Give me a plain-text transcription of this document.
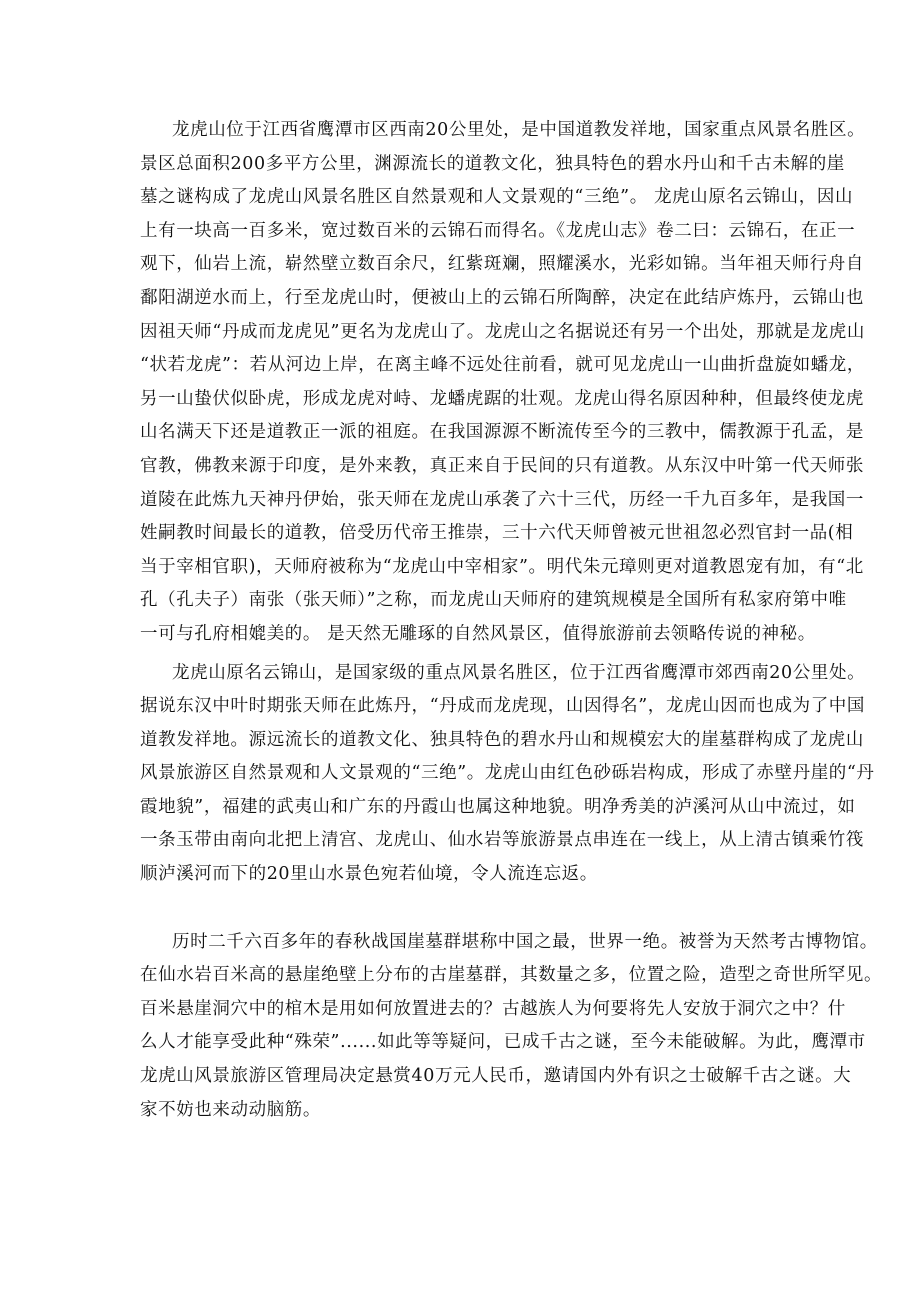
龙虎山位于江西省鹰潭市区西南20公里处，是中国道教发祥地，国家重点风景名胜区。
景区总面积200多平方公里，渊源流长的道教文化，独具特色的碧水丹山和千古未解的崖
墓之谜构成了龙虎山风景名胜区自然景观和人文景观的“三绝”。 龙虎山原名云锦山，因山
上有一块高一百多米，宽过数百米的云锦石而得名。《龙虎山志》卷二曰：云锦石，在正一
观下，仙岩上流，崭然壁立数百余尺，红紫斑斓，照耀溪水，光彩如锦。当年祖天师行舟自
鄱阳湖逆水而上，行至龙虎山时，便被山上的云锦石所陶醉，决定在此结庐炼丹，云锦山也
因祖天师“丹成而龙虎见”更名为龙虎山了。龙虎山之名据说还有另一个出处，那就是龙虎山
“状若龙虎”：若从河边上岸，在离主峰不远处往前看，就可见龙虎山一山曲折盘旋如蟠龙，
另一山蛰伏似卧虎，形成龙虎对峙、龙蟠虎踞的壮观。龙虎山得名原因种种，但最终使龙虎
山名满天下还是道教正一派的祖庭。在我国源源不断流传至今的三教中，儒教源于孔孟，是
官教，佛教来源于印度，是外来教，真正来自于民间的只有道教。从东汉中叶第一代天师张
道陵在此炼九天神丹伊始，张天师在龙虎山承袭了六十三代，历经一千九百多年，是我国一
姓嗣教时间最长的道教，倍受历代帝王推崇，三十六代天师曾被元世祖忽必烈官封一品(相
当于宰相官职)，天师府被称为“龙虎山中宰相家”。明代朱元璋则更对道教恩宠有加，有“北
孔（孔夫子）南张（张天师）”之称，而龙虎山天师府的建筑规模是全国所有私家府第中唯
一可与孔府相媲美的。 是天然无雕琢的自然风景区，值得旅游前去领略传说的神秘。
龙虎山原名云锦山，是国家级的重点风景名胜区，位于江西省鹰潭市郊西南20公里处。
据说东汉中叶时期张天师在此炼丹，“丹成而龙虎现，山因得名”，龙虎山因而也成为了中国
道教发祥地。源远流长的道教文化、独具特色的碧水丹山和规模宏大的崖墓群构成了龙虎山
风景旅游区自然景观和人文景观的“三绝”。龙虎山由红色砂砾岩构成，形成了赤壁丹崖的“丹
霞地貌”，福建的武夷山和广东的丹霞山也属这种地貌。明净秀美的泸溪河从山中流过，如
一条玉带由南向北把上清宫、龙虎山、仙水岩等旅游景点串连在一线上，从上清古镇乘竹筏
顺泸溪河而下的20里山水景色宛若仙境，令人流连忘返。
历时二千六百多年的春秋战国崖墓群堪称中国之最，世界一绝。被誉为天然考古博物馆。
在仙水岩百米高的悬崖绝壁上分布的古崖墓群，其数量之多，位置之险，造型之奇世所罕见。
百米悬崖洞穴中的棺木是用如何放置进去的？古越族人为何要将先人安放于洞穴之中？什
么人才能享受此种“殊荣”......如此等等疑问，已成千古之谜，至今未能破解。为此，鹰潭市
龙虎山风景旅游区管理局决定悬赏40万元人民币，邀请国内外有识之士破解千古之谜。大
家不妨也来动动脑筋。
